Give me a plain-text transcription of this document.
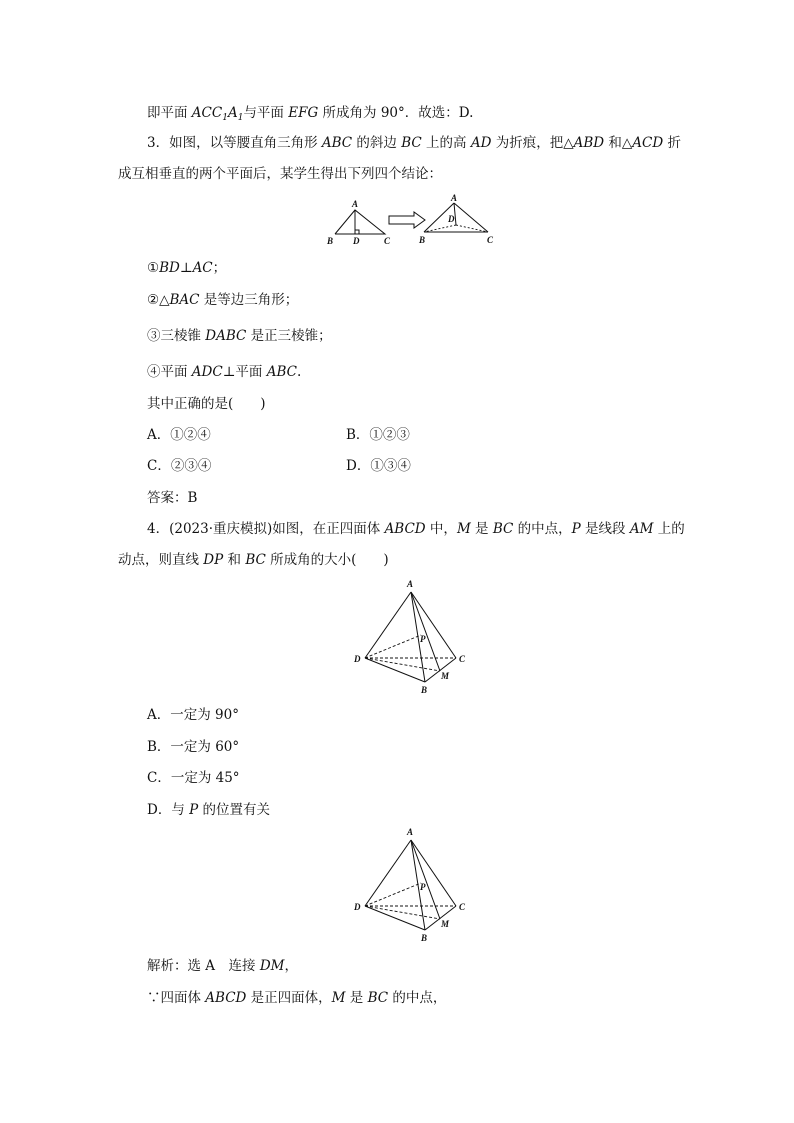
即平面 $ACC_1A_1$与平面 EFG 所成角为 90°．故选：D.
3．如图，以等腰直角三角形 ABC 的斜边 BC 上的高 AD 为折痕，把△ABD 和△ACD 折
成互相垂直的两个平面后，某学生得出下列四个结论：
A
B D	C
A
D
B	C
①BD⊥AC；
②△BAC 是等边三角形；
③三棱锥 DABC 是正三棱锥；
④平面 ADC⊥平面 ABC.
其中正确的是(　　)
A．①②④	B．①②③
C．②③④	D．①③④
答案：B
4．(2023·重庆模拟)如图，在正四面体 ABCD 中，M 是 BC 的中点，P 是线段 AM 上的
动点，则直线 DP 和 BC 所成角的大小(　　)
A
P
D	C
M
B
A．一定为 90°
B．一定为 60°
C．一定为 45°
D．与 P 的位置有关
A
P
D	C
M
B
解析：选 A　连接 DM，
∵四面体 ABCD 是正四面体，M 是 BC 的中点，
